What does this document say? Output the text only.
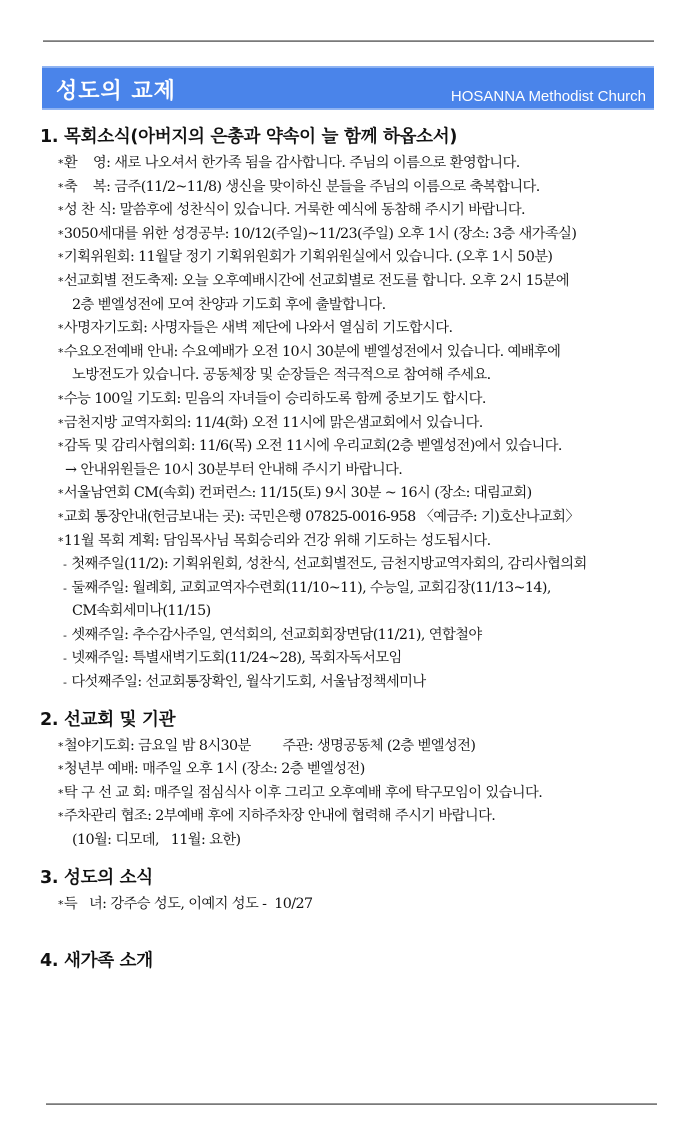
성도의 교제	HOSANNA Methodist Church
1. 목회소식(아버지의 은총과 약속이 늘 함께 하옵소서)
*환    영: 새로 나오셔서 한가족 됨을 감사합니다. 주님의 이름으로 환영합니다.
*축    복: 금주(11/2~11/8) 생신을 맞이하신 분들을 주님의 이름으로 축복합니다.
*성 찬 식: 말씀후에 성찬식이 있습니다. 거룩한 예식에 동참해 주시기 바랍니다.
*3050세대를 위한 성경공부: 10/12(주일)~11/23(주일) 오후 1시 (장소: 3층 새가족실)
*기획위원회: 11월달 정기 기획위원회가 기획위원실에서 있습니다. (오후 1시 50분)
*선교회별 전도축제: 오늘 오후예배시간에 선교회별로 전도를 합니다. 오후 2시 15분에
2층 벧엘성전에 모여 찬양과 기도회 후에 출발합니다.
*사명자기도회: 사명자들은 새벽 제단에 나와서 열심히 기도합시다.
*수요오전예배 안내: 수요예배가 오전 10시 30분에 벧엘성전에서 있습니다. 예배후에
노방전도가 있습니다. 공동체장 및 순장들은 적극적으로 참여해 주세요.
*수능 100일 기도회: 믿음의 자녀들이 승리하도록 함께 중보기도 합시다.
*금천지방 교역자회의: 11/4(화) 오전 11시에 맑은샘교회에서 있습니다.
*감독 및 감리사협의회: 11/6(목) 오전 11시에 우리교회(2층 벧엘성전)에서 있습니다.
→ 안내위원들은 10시 30분부터 안내해 주시기 바랍니다.
*서울남연회 CM(속회) 컨퍼런스: 11/15(토) 9시 30분 ~ 16시 (장소: 대림교회)
*교회 통장안내(헌금보내는 곳): 국민은행 07825-0016-958 〈예금주: 기)호산나교회〉
*11월 목회 계획: 담임목사님 목회승리와 건강 위해 기도하는 성도됩시다.
- 첫째주일(11/2): 기획위원회, 성찬식, 선교회별전도, 금천지방교역자회의, 감리사협의회
- 둘째주일: 월례회, 교회교역자수련회(11/10~11), 수능일, 교회김장(11/13~14),
CM속회세미나(11/15)
- 셋째주일: 추수감사주일, 연석회의, 선교회회장면담(11/21), 연합철야
- 넷째주일: 특별새벽기도회(11/24~28), 목회자독서모임
- 다섯째주일: 선교회통장확인, 월삭기도회, 서울남정책세미나
2. 선교회 및 기관
*철야기도회: 금요일 밤 8시30분        주관: 생명공동체 (2층 벧엘성전)
*청년부 예배: 매주일 오후 1시 (장소: 2층 벧엘성전)
*탁 구 선 교 회: 매주일 점심식사 이후 그리고 오후예배 후에 탁구모임이 있습니다.
*주차관리 협조: 2부예배 후에 지하주차장 안내에 협력해 주시기 바랍니다.
(10월: 디모데,   11월: 요한)
3. 성도의 소식
*득   녀: 강주승 성도, 이예지 성도 -  10/27
4. 새가족 소개
